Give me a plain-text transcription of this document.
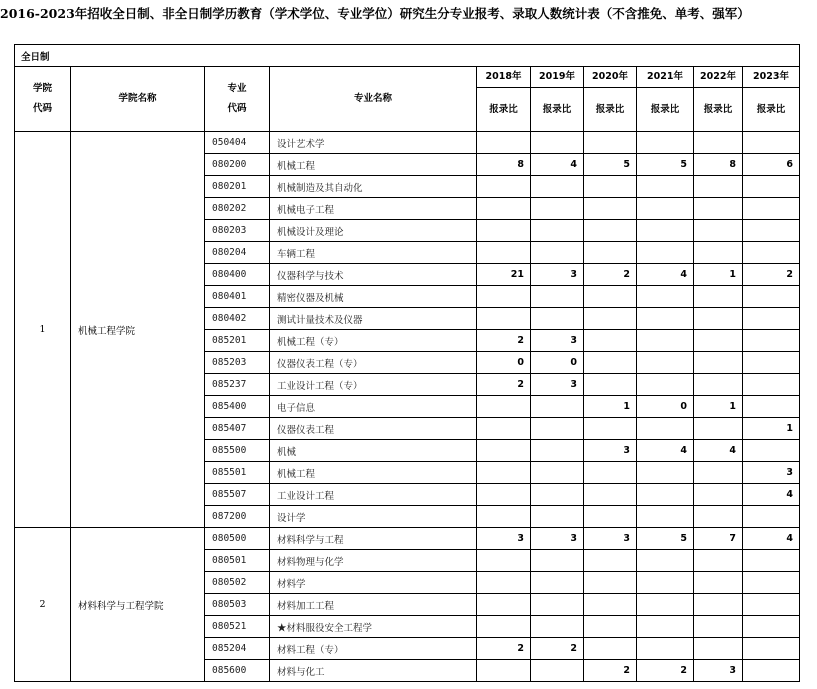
2016-2023年招收全日制、非全日制学历教育（学术学位、专业学位）研究生分专业报考、录取人数统计表（不含推免、单考、强军）
全日制									

学院
代码	学院名称	专业
代码	专业名称	2018年	2019年	2020年	2021年	2022年	2023年
				报录比	报录比	报录比	报录比	报录比	报录比
1	机械工程学院	050404	设计艺术学						
		080200	机械工程	8	4	5	5	8	6
		080201	机械制造及其自动化						
		080202	机械电子工程						
		080203	机械设计及理论						
		080204	车辆工程						
		080400	仪器科学与技术	21	3	2	4	1	2
		080401	精密仪器及机械						
		080402	测试计量技术及仪器						
		085201	机械工程（专）	2	3				
		085203	仪器仪表工程（专）	0	0				
		085237	工业设计工程（专）	2	3				
		085400	电子信息			1	0	1	
		085407	仪器仪表工程						1
		085500	机械			3	4	4	
		085501	机械工程						3
		085507	工业设计工程						4
		087200	设计学						
2	材料科学与工程学院	080500	材料科学与工程	3	3	3	5	7	4
		080501	材料物理与化学						
		080502	材料学						
		080503	材料加工工程						
		080521	★材料服役安全工程学						
		085204	材料工程（专）	2	2				
		085600	材料与化工			2	2	3	
